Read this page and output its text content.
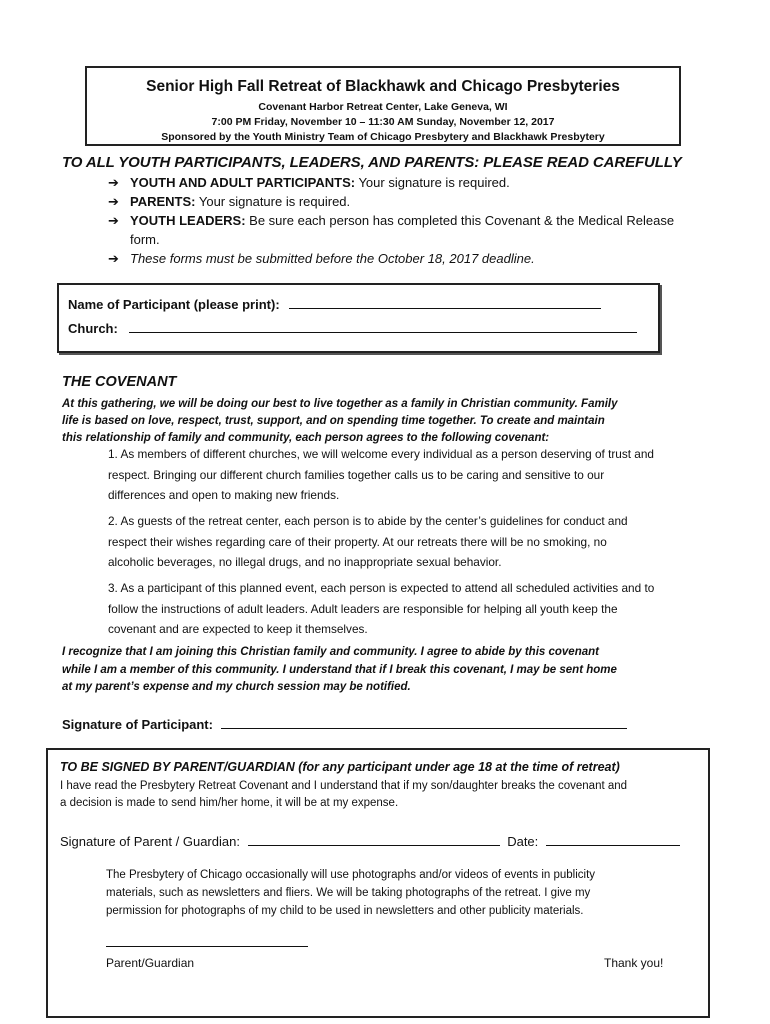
Senior High Fall Retreat of Blackhawk and Chicago Presbyteries
Covenant Harbor Retreat Center, Lake Geneva, WI
7:00 PM Friday, November 10 – 11:30 AM Sunday, November 12, 2017
Sponsored by the Youth Ministry Team of Chicago Presbytery and Blackhawk Presbytery
TO ALL YOUTH PARTICIPANTS, LEADERS, AND PARENTS: PLEASE READ CAREFULLY
➔ YOUTH AND ADULT PARTICIPANTS: Your signature is required.
➔ PARENTS: Your signature is required.
➔ YOUTH LEADERS: Be sure each person has completed this Covenant & the Medical Release
form.
➔ These forms must be submitted before the October 18, 2017 deadline.
Name of Participant (please print):
Church:
THE COVENANT
At this gathering, we will be doing our best to live together as a family in Christian community. Family
life is based on love, respect, trust, support, and on spending time together. To create and maintain
this relationship of family and community, each person agrees to the following covenant:
1. As members of different churches, we will welcome every individual as a person deserving of trust and
respect. Bringing our different church families together calls us to be caring and sensitive to our
differences and open to making new friends.
2. As guests of the retreat center, each person is to abide by the center’s guidelines for conduct and
respect their wishes regarding care of their property. At our retreats there will be no smoking, no
alcoholic beverages, no illegal drugs, and no inappropriate sexual behavior.
3. As a participant of this planned event, each person is expected to attend all scheduled activities and to
follow the instructions of adult leaders. Adult leaders are responsible for helping all youth keep the
covenant and are expected to keep it themselves.
I recognize that I am joining this Christian family and community. I agree to abide by this covenant
while I am a member of this community. I understand that if I break this covenant, I may be sent home
at my parent’s expense and my church session may be notified.
Signature of Participant:
TO BE SIGNED BY PARENT/GUARDIAN (for any participant under age 18 at the time of retreat)
I have read the Presbytery Retreat Covenant and I understand that if my son/daughter breaks the covenant and
a decision is made to send him/her home, it will be at my expense.
Signature of Parent / Guardian:	Date:
The Presbytery of Chicago occasionally will use photographs and/or videos of events in publicity
materials, such as newsletters and fliers. We will be taking photographs of the retreat. I give my
permission for photographs of my child to be used in newsletters and other publicity materials.
Parent/Guardian	Thank you!
